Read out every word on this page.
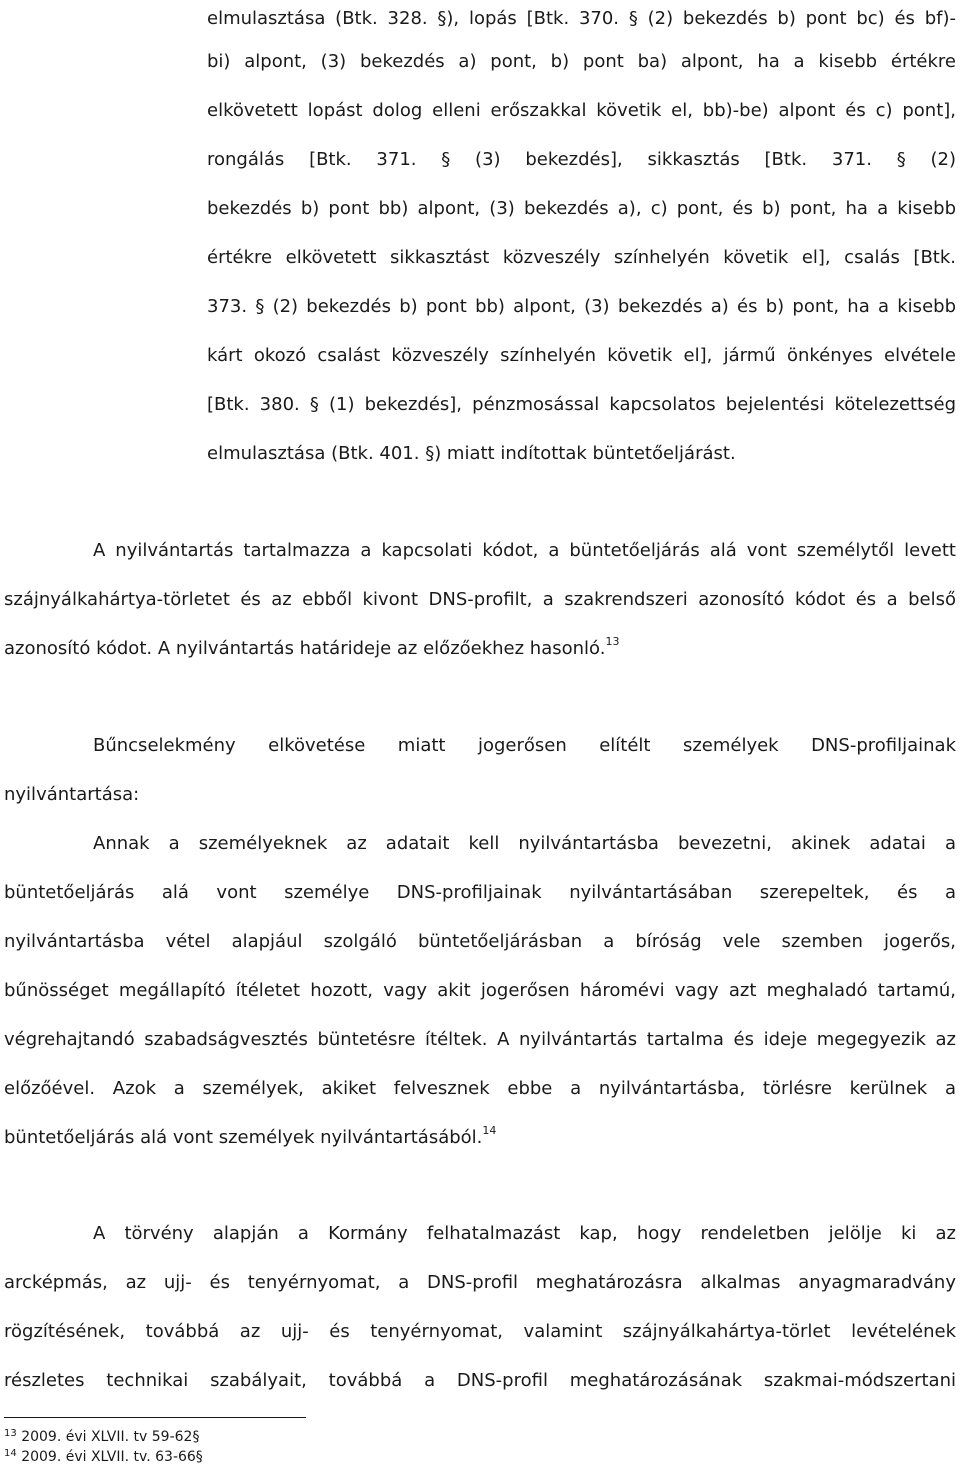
elmulasztása (Btk. 328. §), lopás [Btk. 370. § (2) bekezdés b) pont bc) és bf)-
bi) alpont, (3) bekezdés a) pont, b) pont ba) alpont, ha a kisebb értékre
elkövetett lopást dolog elleni erőszakkal követik el, bb)-be) alpont és c) pont],
rongálás [Btk. 371. § (3) bekezdés], sikkasztás [Btk. 371. § (2)
bekezdés b) pont bb) alpont, (3) bekezdés a), c) pont, és b) pont, ha a kisebb
értékre elkövetett sikkasztást közveszély színhelyén követik el], csalás [Btk.
373. § (2) bekezdés b) pont bb) alpont, (3) bekezdés a) és b) pont, ha a kisebb
kárt okozó csalást közveszély színhelyén követik el], jármű önkényes elvétele
[Btk. 380. § (1) bekezdés], pénzmosással kapcsolatos bejelentési kötelezettség
elmulasztása (Btk. 401. §) miatt indítottak büntetőeljárást.
A nyilvántartás tartalmazza a kapcsolati kódot, a büntetőeljárás alá vont személytől levett
szájnyálkahártya-törletet és az ebből kivont DNS-profilt, a szakrendszeri azonosító kódot és a belső
azonosító kódot. A nyilvántartás határideje az előzőekhez hasonló.$^{13}$
Bűncselekmény elkövetése miatt jogerősen elítélt személyek DNS-profiljainak
nyilvántartása:
Annak a személyeknek az adatait kell nyilvántartásba bevezetni, akinek adatai a
büntetőeljárás alá vont személye DNS-profiljainak nyilvántartásában szerepeltek, és a
nyilvántartásba vétel alapjául szolgáló büntetőeljárásban a bíróság vele szemben jogerős,
bűnösséget megállapító ítéletet hozott, vagy akit jogerősen háromévi vagy azt meghaladó tartamú,
végrehajtandó szabadságvesztés büntetésre ítéltek. A nyilvántartás tartalma és ideje megegyezik az
előzőével. Azok a személyek, akiket felvesznek ebbe a nyilvántartásba, törlésre kerülnek a
büntetőeljárás alá vont személyek nyilvántartásából.$^{14}$
A törvény alapján a Kormány felhatalmazást kap, hogy rendeletben jelölje ki az
arcképmás, az ujj- és tenyérnyomat, a DNS-profil meghatározásra alkalmas anyagmaradvány
rögzítésének, továbbá az ujj- és tenyérnyomat, valamint szájnyálkahártya-törlet levételének
részletes technikai szabályait, továbbá a DNS-profil meghatározásának szakmai-módszertani
$^{13}$ 2009. évi XLVII. tv 59-62§
$^{14}$ 2009. évi XLVII. tv. 63-66§
